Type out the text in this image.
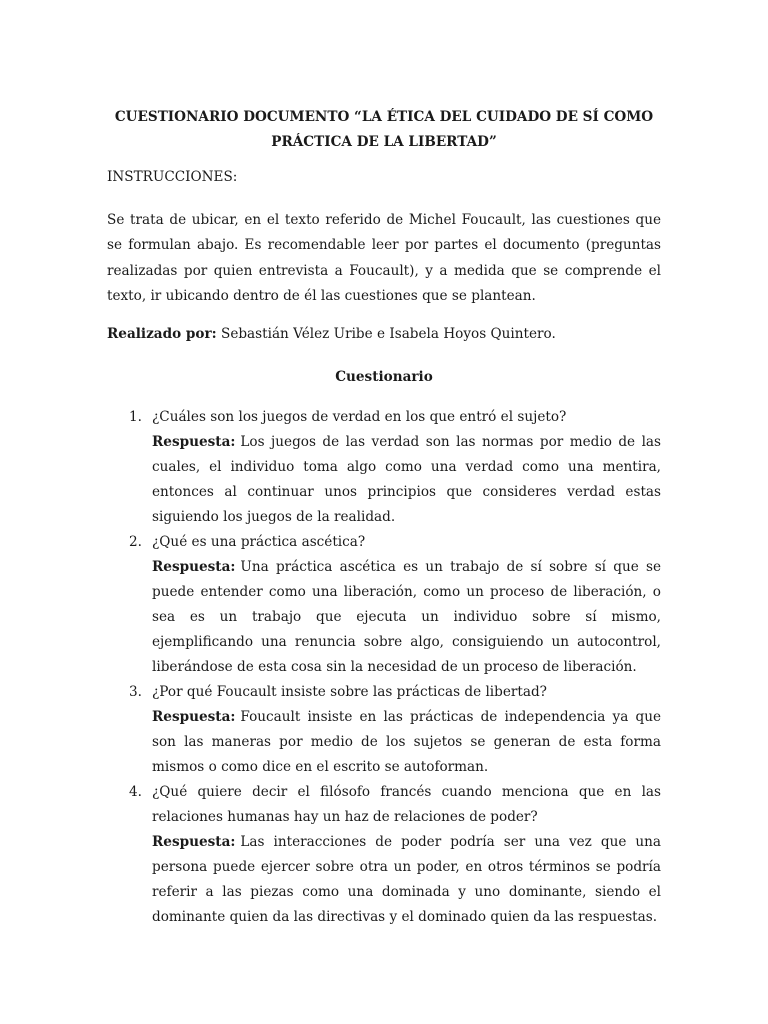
CUESTIONARIO DOCUMENTO “LA ÉTICA DEL CUIDADO DE SÍ COMO
PRÁCTICA DE LA LIBERTAD”

INSTRUCCIONES:

Se trata de ubicar, en el texto referido de Michel Foucault, las cuestiones que se formulan abajo. Es recomendable leer por partes el documento (preguntas realizadas por quien entrevista a Foucault), y a medida que se comprende el texto, ir ubicando dentro de él las cuestiones que se plantean.

Realizado por: Sebastián Vélez Uribe e Isabela Hoyos Quintero.

Cuestionario

1. ¿Cuáles son los juegos de verdad en los que entró el sujeto?
Respuesta: Los juegos de las verdad son las normas por medio de las cuales, el individuo toma algo como una verdad como una mentira, entonces al continuar unos principios que consideres verdad estas siguiendo los juegos de la realidad.
2. ¿Qué es una práctica ascética?
Respuesta: Una práctica ascética es un trabajo de sí sobre sí que se puede entender como una liberación, como un proceso de liberación, o sea es un trabajo que ejecuta un individuo sobre sí mismo, ejemplificando una renuncia sobre algo, consiguiendo un autocontrol, liberándose de esta cosa sin la necesidad de un proceso de liberación.
3. ¿Por qué Foucault insiste sobre las prácticas de libertad?
Respuesta: Foucault insiste en las prácticas de independencia ya que son las maneras por medio de los sujetos se generan de esta forma mismos o como dice en el escrito se autoforman.
4. ¿Qué quiere decir el filósofo francés cuando menciona que en las relaciones humanas hay un haz de relaciones de poder?
Respuesta: Las interacciones de poder podría ser una vez que una persona puede ejercer sobre otra un poder, en otros términos se podría referir a las piezas como una dominada y uno dominante, siendo el dominante quien da las directivas y el dominado quien da las respuestas.
